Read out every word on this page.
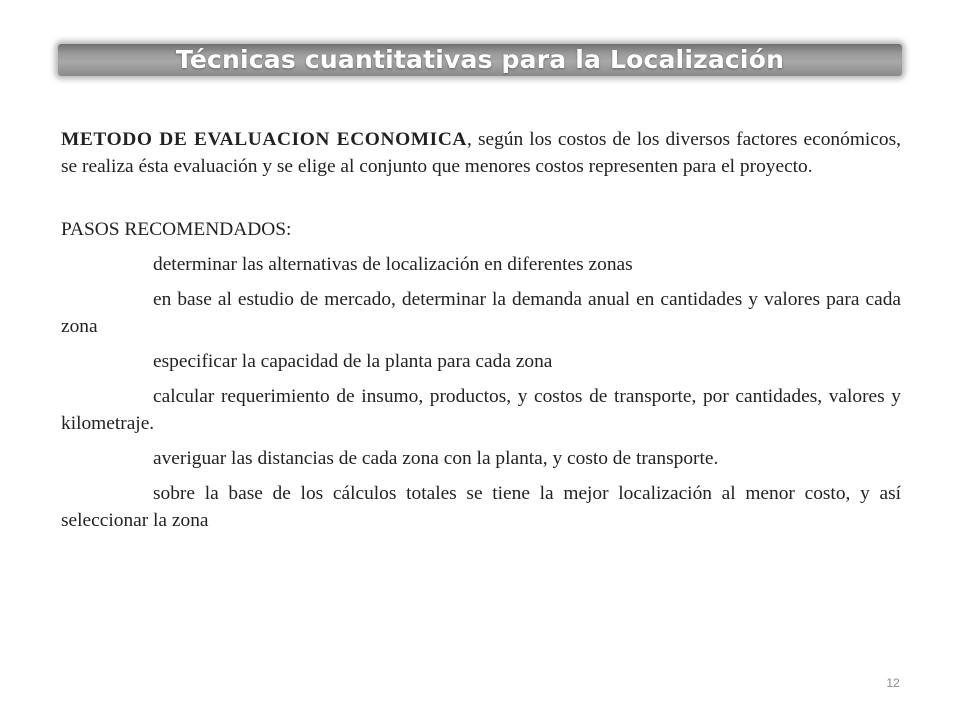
Técnicas cuantitativas para la Localización

METODO DE EVALUACION ECONOMICA, según los costos de los diversos factores económicos, se realiza ésta evaluación y se elige al conjunto que menores costos representen para el proyecto.

PASOS RECOMENDADOS:

determinar las alternativas de localización en diferentes zonas
en base al estudio de mercado, determinar la demanda anual en cantidades y valores para cada zona
especificar la capacidad de la planta para cada zona
calcular requerimiento de insumo, productos, y costos de transporte, por cantidades, valores y kilometraje.
averiguar las distancias de cada zona con la planta, y costo de transporte.
sobre la base de los cálculos totales se tiene la mejor localización al menor costo, y así seleccionar la zona
12
